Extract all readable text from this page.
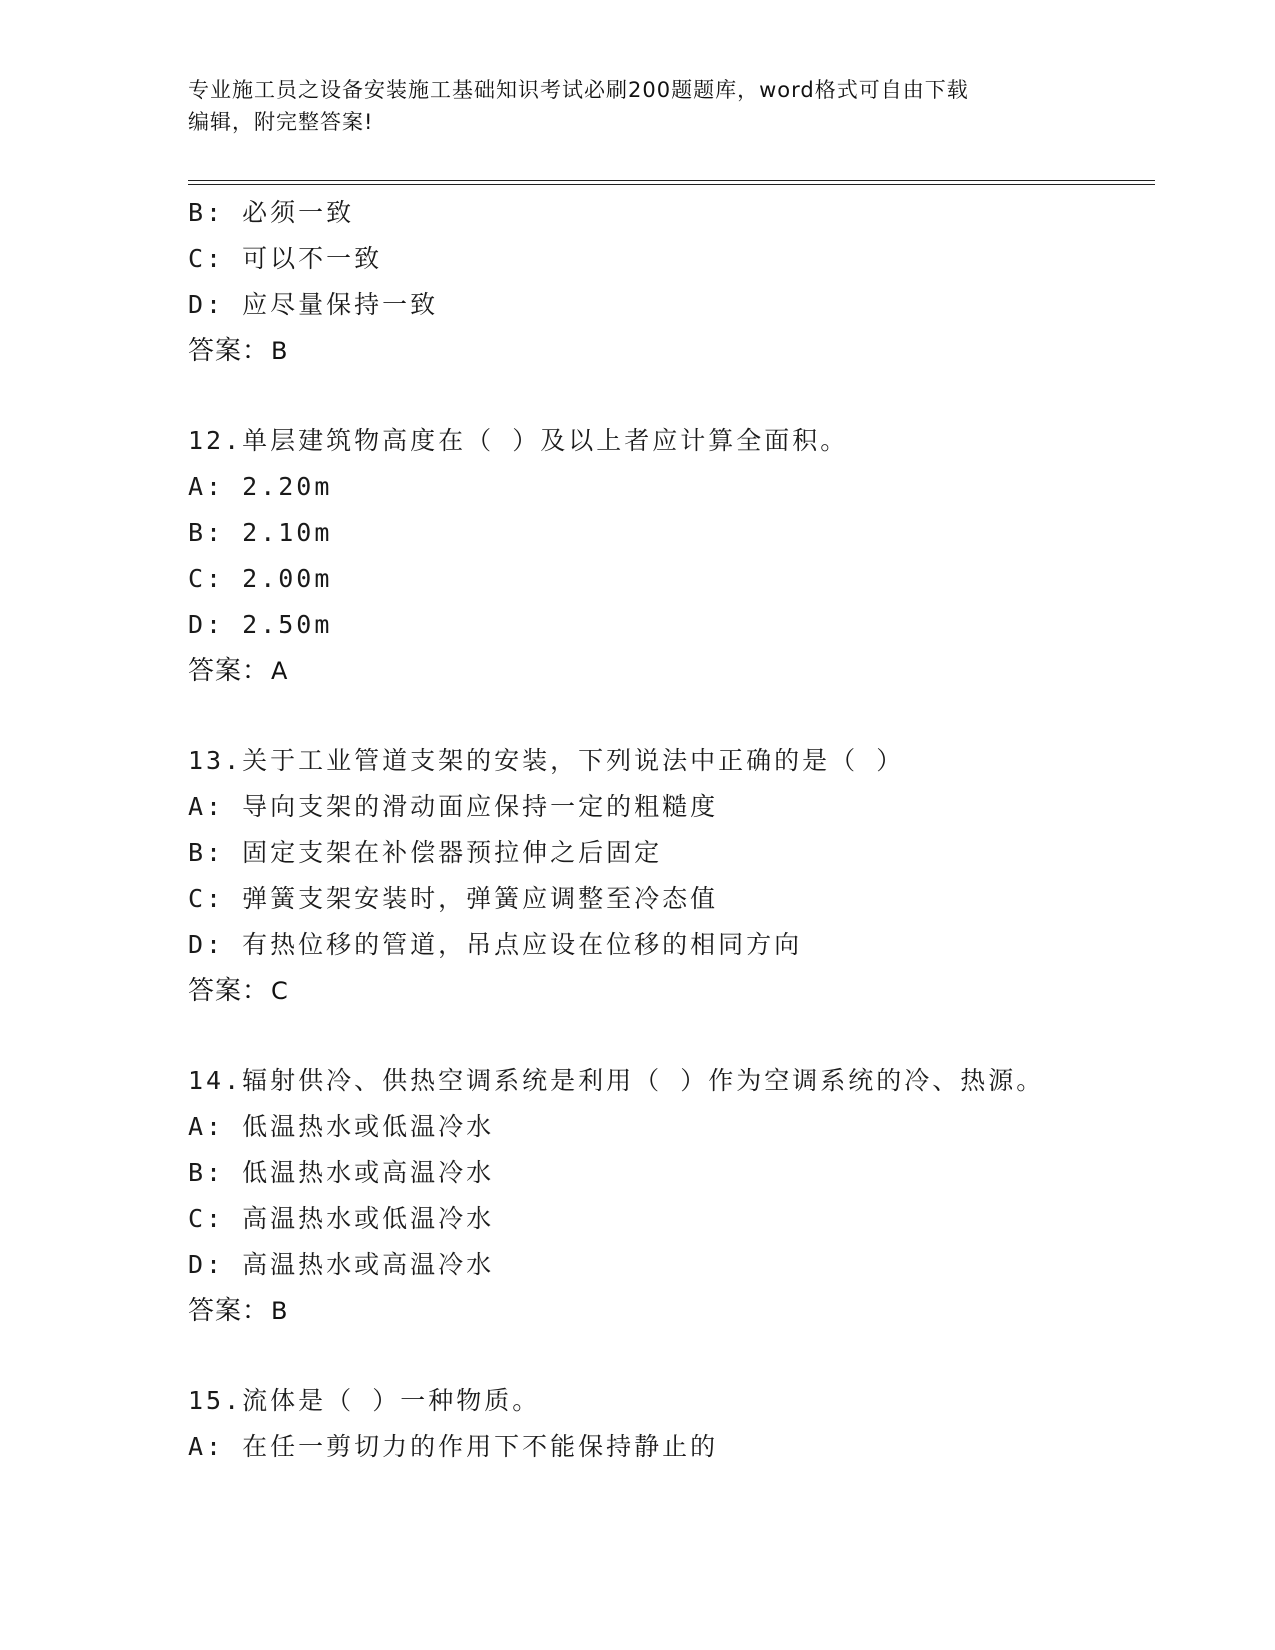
专业施工员之设备安装施工基础知识考试必刷200题题库，word格式可自由下载
编辑，附完整答案!
B: 必须一致
C: 可以不一致
D: 应尽量保持一致
答案：B
12.单层建筑物高度在（ ）及以上者应计算全面积。
A: 2.20m
B: 2.10m
C: 2.00m
D: 2.50m
答案：A
13.关于工业管道支架的安装，下列说法中正确的是（ ）
A: 导向支架的滑动面应保持一定的粗糙度
B: 固定支架在补偿器预拉伸之后固定
C: 弹簧支架安装时，弹簧应调整至冷态值
D: 有热位移的管道，吊点应设在位移的相同方向
答案：C
14.辐射供冷、供热空调系统是利用（ ）作为空调系统的冷、热源。
A: 低温热水或低温冷水
B: 低温热水或高温冷水
C: 高温热水或低温冷水
D: 高温热水或高温冷水
答案：B
15.流体是（ ）一种物质。
A: 在任一剪切力的作用下不能保持静止的
